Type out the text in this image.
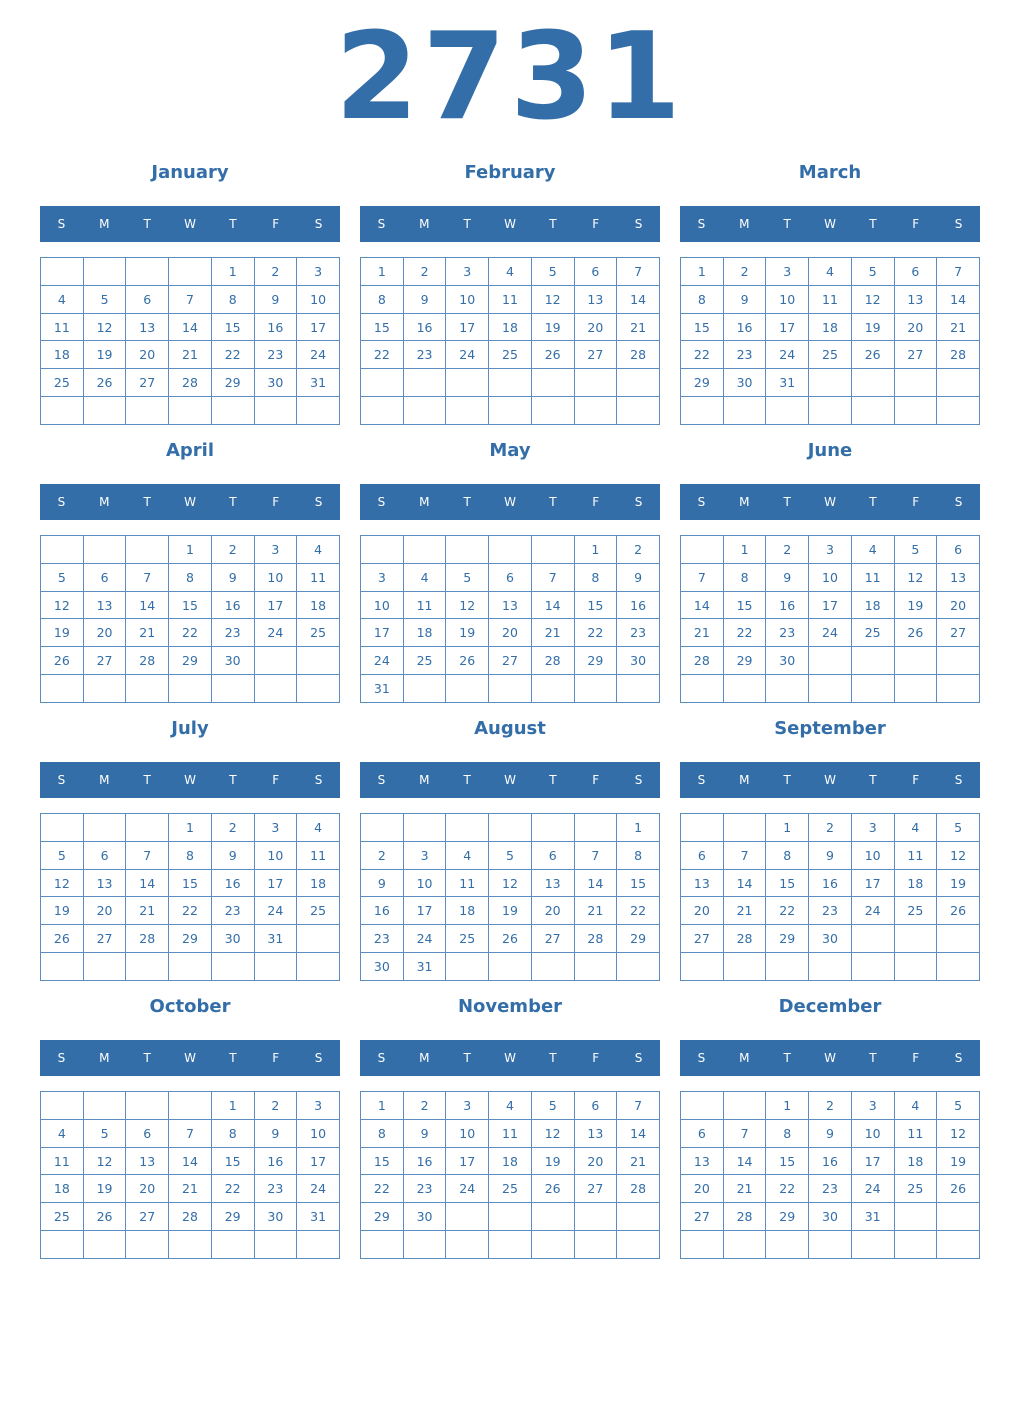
2731
January
S	M	T	W	T	F	S
				1	2	3
4	5	6	7	8	9	10
11	12	13	14	15	16	17
18	19	20	21	22	23	24
25	26	27	28	29	30	31

February
S	M	T	W	T	F	S
1	2	3	4	5	6	7
8	9	10	11	12	13	14
15	16	17	18	19	20	21
22	23	24	25	26	27	28

March
S	M	T	W	T	F	S
1	2	3	4	5	6	7
8	9	10	11	12	13	14
15	16	17	18	19	20	21
22	23	24	25	26	27	28
29	30	31				

April
S	M	T	W	T	F	S
			1	2	3	4
5	6	7	8	9	10	11
12	13	14	15	16	17	18
19	20	21	22	23	24	25
26	27	28	29	30		

May
S	M	T	W	T	F	S
					1	2
3	4	5	6	7	8	9
10	11	12	13	14	15	16
17	18	19	20	21	22	23
24	25	26	27	28	29	30
31						
June
S	M	T	W	T	F	S
	1	2	3	4	5	6
7	8	9	10	11	12	13
14	15	16	17	18	19	20
21	22	23	24	25	26	27
28	29	30				

July
S	M	T	W	T	F	S
			1	2	3	4
5	6	7	8	9	10	11
12	13	14	15	16	17	18
19	20	21	22	23	24	25
26	27	28	29	30	31	

August
S	M	T	W	T	F	S
						1
2	3	4	5	6	7	8
9	10	11	12	13	14	15
16	17	18	19	20	21	22
23	24	25	26	27	28	29
30	31					
September
S	M	T	W	T	F	S
		1	2	3	4	5
6	7	8	9	10	11	12
13	14	15	16	17	18	19
20	21	22	23	24	25	26
27	28	29	30			

October
S	M	T	W	T	F	S
				1	2	3
4	5	6	7	8	9	10
11	12	13	14	15	16	17
18	19	20	21	22	23	24
25	26	27	28	29	30	31

November
S	M	T	W	T	F	S
1	2	3	4	5	6	7
8	9	10	11	12	13	14
15	16	17	18	19	20	21
22	23	24	25	26	27	28
29	30					

December
S	M	T	W	T	F	S
		1	2	3	4	5
6	7	8	9	10	11	12
13	14	15	16	17	18	19
20	21	22	23	24	25	26
27	28	29	30	31		
